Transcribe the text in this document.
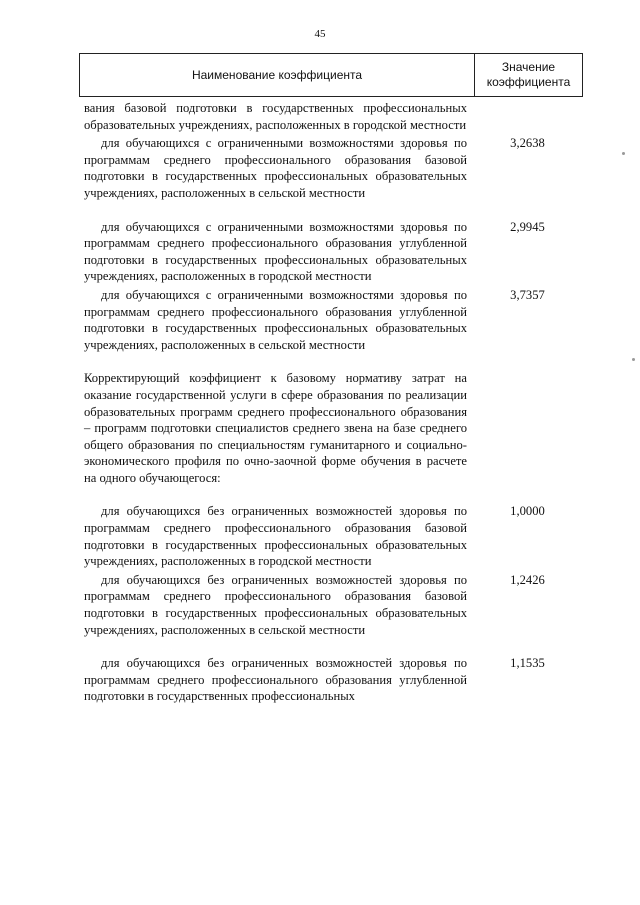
45
Наименование коэффициента
Значение коэффициента
вания базовой подготовки в государственных профессиональных образовательных учреждениях, расположенных в городской местности
для обучающихся с ограниченными возможностями здоровья по программам среднего профессионального образования базовой подготовки в государственных профессиональных образовательных учреждениях, расположенных в сельской местности
3,2638
для обучающихся с ограниченными возможностями здоровья по программам среднего профессионального образования углубленной подготовки в государственных профессиональных образовательных учреждениях, расположенных в городской местности
2,9945
для обучающихся с ограниченными возможностями здоровья по программам среднего профессионального образования углубленной подготовки в государственных профессиональных образовательных учреждениях, расположенных в сельской местности
3,7357
Корректирующий коэффициент к базовому нормативу затрат на оказание государственной услуги в сфере образования по реализации образовательных программ среднего профессионального образования – программ подготовки специалистов среднего звена на базе среднего общего образования по специальностям гуманитарного и социально-экономического профиля по очно-заочной форме обучения в расчете на одного обучающегося:
для обучающихся без ограниченных возможностей здоровья по программам среднего профессионального образования базовой подготовки в государственных профессиональных образовательных учреждениях, расположенных в городской местности
1,0000
для обучающихся без ограниченных возможностей здоровья по программам среднего профессионального образования базовой подготовки в государственных профессиональных образовательных учреждениях, расположенных в сельской местности
1,2426
для обучающихся без ограниченных возможностей здоровья по программам среднего профессионального образования углубленной подготовки в государственных профессиональных
1,1535
